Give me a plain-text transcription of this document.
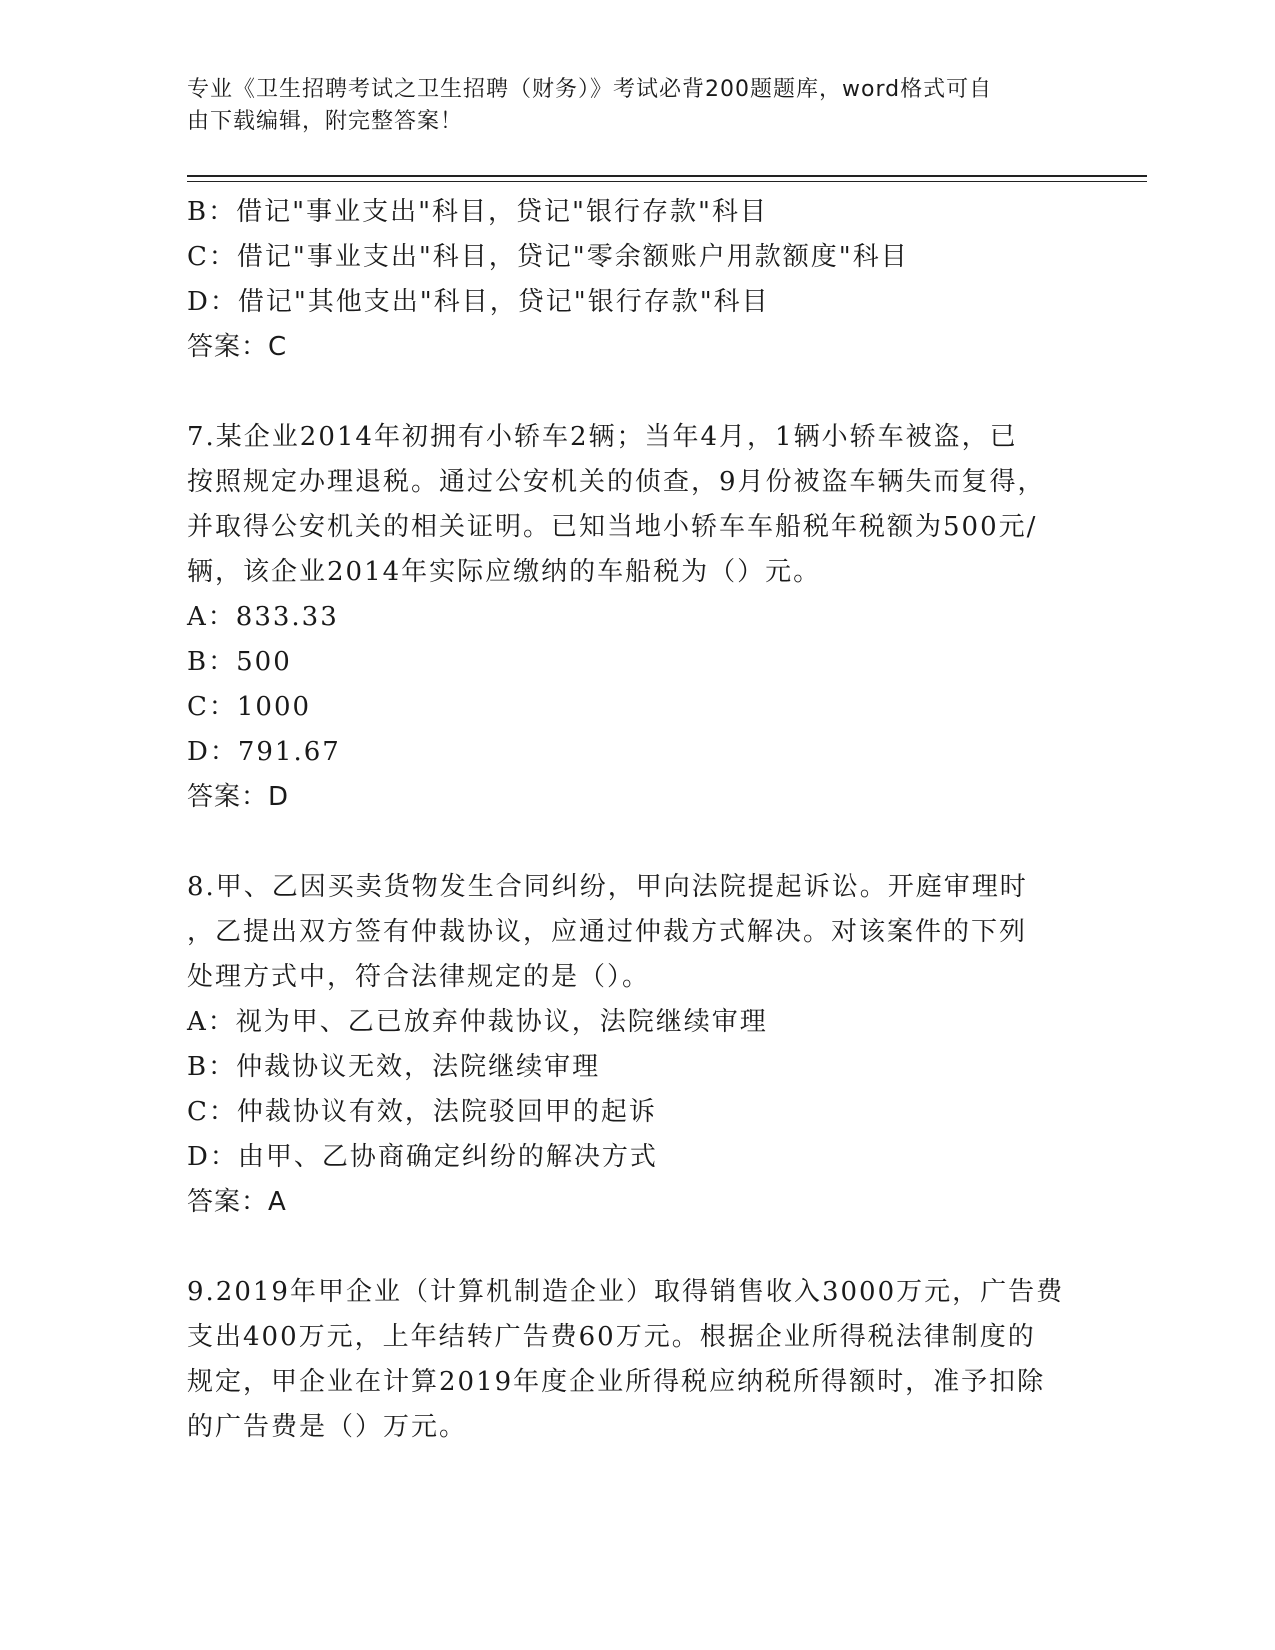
专业《卫生招聘考试之卫生招聘（财务）》考试必背200题题库，word格式可自
由下载编辑，附完整答案！
B：借记"事业支出"科目，贷记"银行存款"科目
C：借记"事业支出"科目，贷记"零余额账户用款额度"科目
D：借记"其他支出"科目，贷记"银行存款"科目
答案：C
7.某企业2014年初拥有小轿车2辆；当年4月，1辆小轿车被盗，已
按照规定办理退税。通过公安机关的侦查，9月份被盗车辆失而复得，
并取得公安机关的相关证明。已知当地小轿车车船税年税额为500元/
辆，该企业2014年实际应缴纳的车船税为（）元。
A：833.33
B：500
C：1000
D：791.67
答案：D
8.甲、乙因买卖货物发生合同纠纷，甲向法院提起诉讼。开庭审理时
，乙提出双方签有仲裁协议，应通过仲裁方式解决。对该案件的下列
处理方式中，符合法律规定的是（）。
A：视为甲、乙已放弃仲裁协议，法院继续审理
B：仲裁协议无效，法院继续审理
C：仲裁协议有效，法院驳回甲的起诉
D：由甲、乙协商确定纠纷的解决方式
答案：A
9.2019年甲企业（计算机制造企业）取得销售收入3000万元，广告费
支出400万元，上年结转广告费60万元。根据企业所得税法律制度的
规定，甲企业在计算2019年度企业所得税应纳税所得额时，准予扣除
的广告费是（）万元。
